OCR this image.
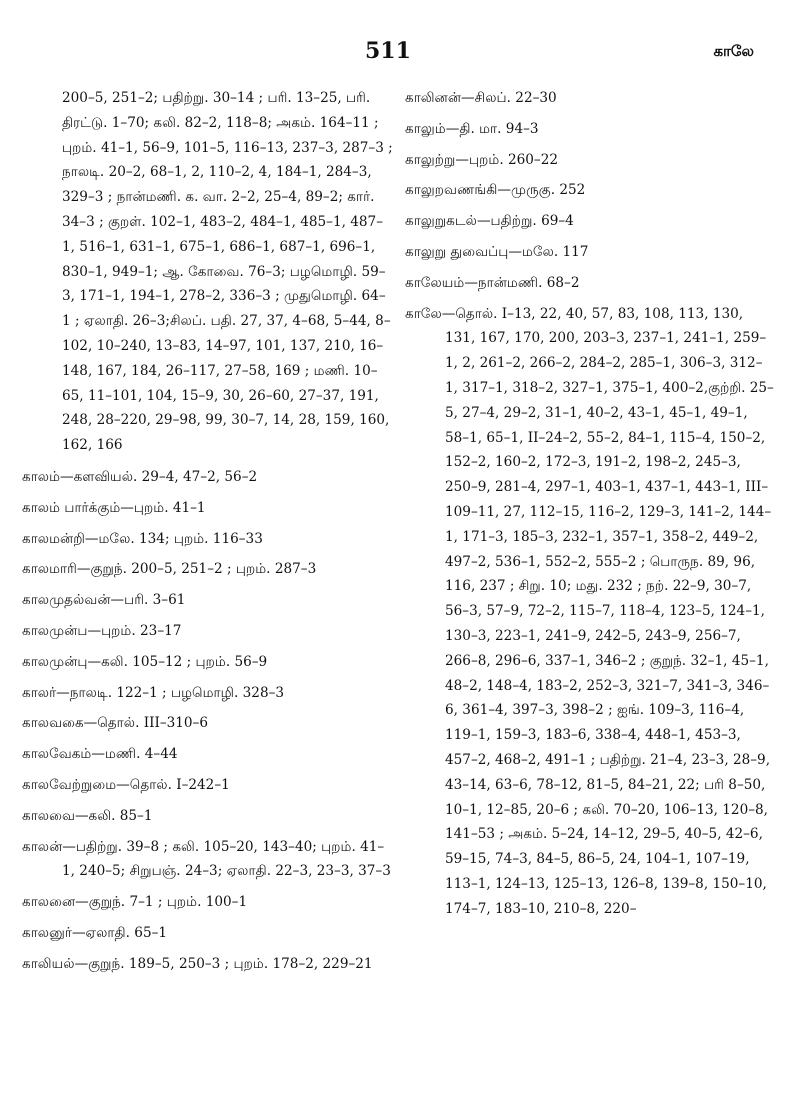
511	காலே

200–5, 251–2; பதிற்று. 30–14 ; பரி. 13–25, பரி. திரட்டு. 1–70; கலி. 82–2, 118–8; அகம். 164–11 ; புறம். 41–1, 56–9, 101–5, 116–13, 237–3, 287–3 ; நாலடி. 20–2, 68–1, 2, 110–2, 4, 184–1, 284–3, 329–3 ; நான்மணி. க. வா. 2–2, 25–4, 89–2; கார். 34–3 ; குறள். 102–1, 483–2, 484–1, 485–1, 487–1, 516–1, 631–1, 675–1, 686–1, 687–1, 696–1, 830–1, 949–1; ஆ. கோவை. 76–3; பழமொழி. 59–3, 171–1, 194–1, 278–2, 336–3 ; முதுமொழி. 64–1 ; ஏலாதி. 26–3;சிலப். பதி. 27, 37, 4–68, 5–44, 8–102, 10–240, 13–83, 14–97, 101, 137, 210, 16–148, 167, 184, 26–117, 27–58, 169 ; மணி. 10–65, 11–101, 104, 15–9, 30, 26–60, 27–37, 191, 248, 28–220, 29–98, 99, 30–7, 14, 28, 159, 160, 162, 166

காலம்—களவியல். 29–4, 47–2, 56–2

காலம் பார்க்கும்—புறம். 41–1

காலமன்றி—மலே. 134; புறம். 116–33

காலமாரி—குறுந். 200–5, 251–2 ; புறம். 287–3

காலமுதல்வன்—பரி. 3–61

காலமுன்ப—புறம். 23–17

காலமுன்பு—கலி. 105–12 ; புறம். 56–9

காலர்—நாலடி. 122–1 ; பழமொழி. 328–3

காலவகை—தொல். III–310–6

காலவேகம்—மணி. 4–44

காலவேற்றுமை—தொல். I–242–1

காலவை—கலி. 85–1

காலன்—பதிற்று. 39–8 ; கலி. 105–20, 143–40; புறம். 41–1, 240–5; சிறுபஞ். 24–3; ஏலாதி. 22–3, 23–3, 37–3

காலனை—குறுந். 7–1 ; புறம். 100–1

காலனுர்—ஏலாதி. 65–1

காலியல்—குறுந். 189–5, 250–3 ; புறம். 178–2, 229–21

காலினன்—சிலப். 22–30

காலும்—தி. மா. 94–3

காலுற்று—புறம். 260–22

காலுறவணங்கி—முருகு. 252

காலுறுகடல்—பதிற்று. 69–4

காலுறு துவைப்பு—மலே. 117

காலேயம்—நான்மணி. 68–2

காலே—தொல். I–13, 22, 40, 57, 83, 108, 113, 130, 131, 167, 170, 200, 203–3, 237–1, 241–1, 259–1, 2, 261–2, 266–2, 284–2, 285–1, 306–3, 312–1, 317–1, 318–2, 327–1, 375–1, 400–2,குற்றி. 25–5, 27–4, 29–2, 31–1, 40–2, 43–1, 45–1, 49–1, 58–1, 65–1, II–24–2, 55–2, 84–1, 115–4, 150–2, 152–2, 160–2, 172–3, 191–2, 198–2, 245–3, 250–9, 281–4, 297–1, 403–1, 437–1, 443–1, III–109–11, 27, 112–15, 116–2, 129–3, 141–2, 144–1, 171–3, 185–3, 232–1, 357–1, 358–2, 449–2, 497–2, 536–1, 552–2, 555–2 ; பொருந. 89, 96, 116, 237 ; சிறு. 10; மது. 232 ; நற். 22–9, 30–7, 56–3, 57–9, 72–2, 115–7, 118–4, 123–5, 124–1, 130–3, 223–1, 241–9, 242–5, 243–9, 256–7, 266–8, 296–6, 337–1, 346–2 ; குறுந். 32–1, 45–1, 48–2, 148–4, 183–2, 252–3, 321–7, 341–3, 346–6, 361–4, 397–3, 398–2 ; ஐங். 109–3, 116–4, 119–1, 159–3, 183–6, 338–4, 448–1, 453–3, 457–2, 468–2, 491–1 ; பதிற்று. 21–4, 23–3, 28–9, 43–14, 63–6, 78–12, 81–5, 84–21, 22; பரி 8–50, 10–1, 12–85, 20–6 ; கலி. 70–20, 106–13, 120–8, 141–53 ; அகம். 5–24, 14–12, 29–5, 40–5, 42–6, 59–15, 74–3, 84–5, 86–5, 24, 104–1, 107–19, 113–1, 124–13, 125–13, 126–8, 139–8, 150–10, 174–7, 183–10, 210–8, 220–
